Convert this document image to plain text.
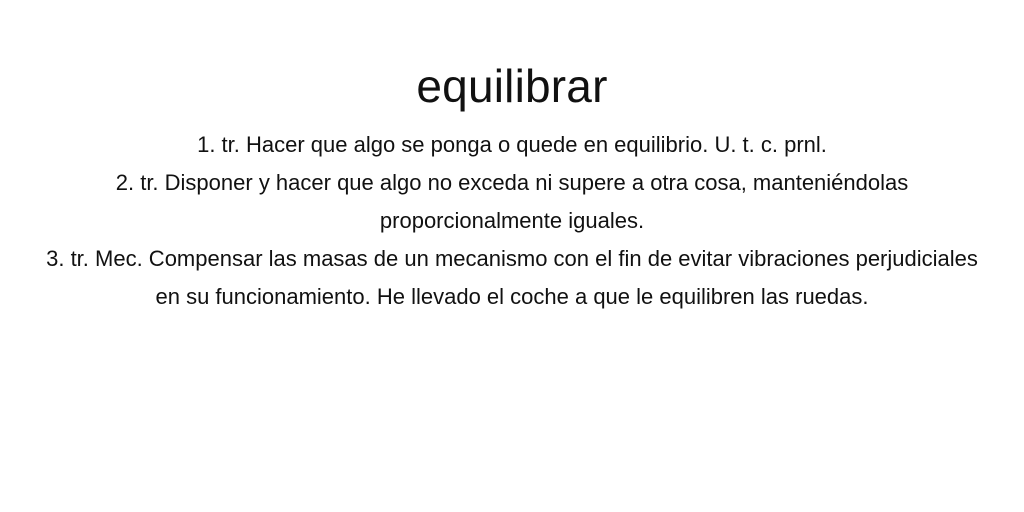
equilibrar
1. tr. Hacer que algo se ponga o quede en equilibrio. U. t. c. prnl.
2. tr. Disponer y hacer que algo no exceda ni supere a otra cosa, manteniéndolas proporcionalmente iguales.
3. tr. Mec. Compensar las masas de un mecanismo con el fin de evitar vibraciones perjudiciales en su funcionamiento. He llevado el coche a que le equilibren las ruedas.
